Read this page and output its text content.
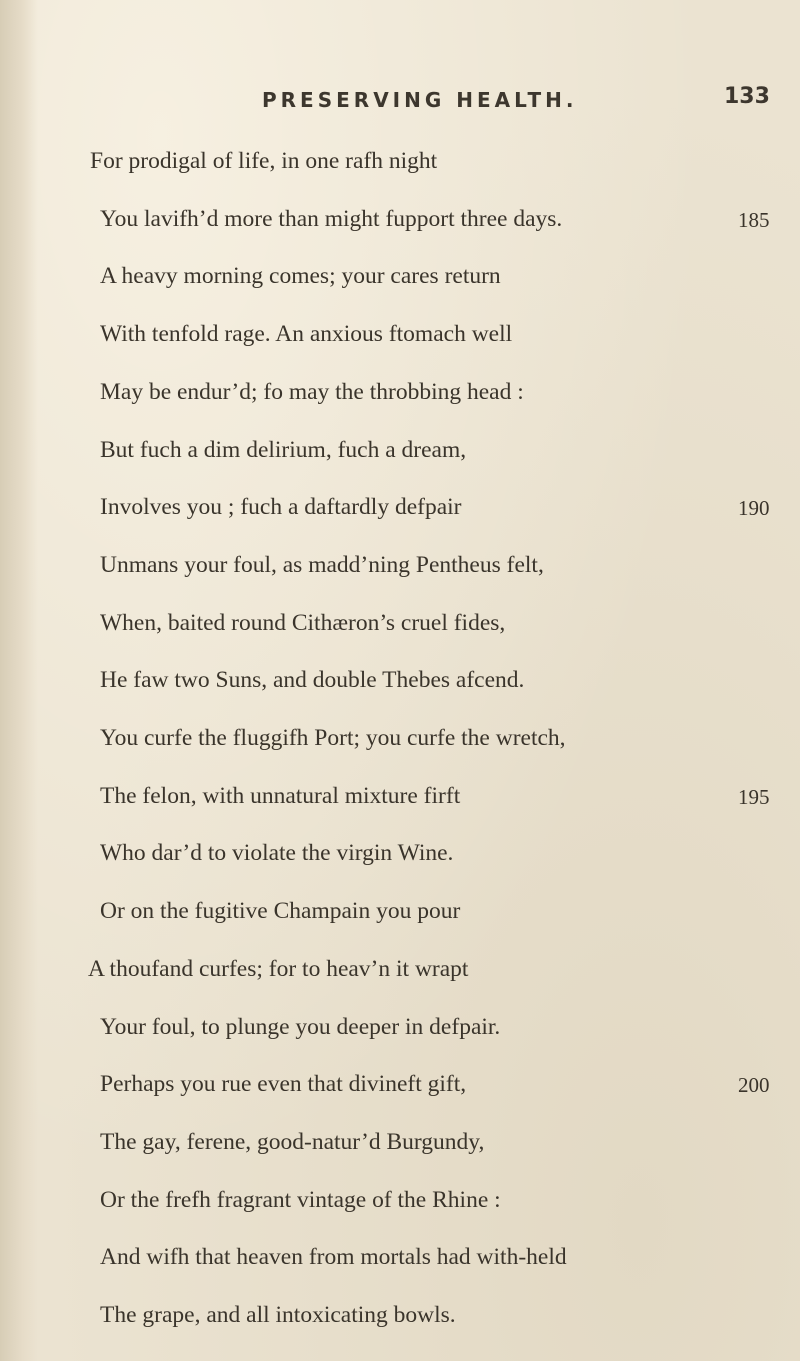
PRESERVING HEALTH.	133
For prodigal of life, in one rafh night
You lavifh’d more than might fupport three days.
A heavy morning comes; your cares return
With tenfold rage. An anxious ftomach well
May be endur’d; fo may the throbbing head :
But fuch a dim delirium, fuch a dream,
Involves you ; fuch a daftardly defpair
Unmans your foul, as madd’ning Pentheus felt,
When, baited round Cithæron’s cruel fides,
He faw two Suns, and double Thebes afcend.
You curfe the fluggifh Port; you curfe the wretch,
The felon, with unnatural mixture firft
Who dar’d to violate the virgin Wine.
Or on the fugitive Champain you pour
A thoufand curfes; for to heav’n it wrapt
Your foul, to plunge you deeper in defpair.
Perhaps you rue even that divineft gift,
The gay, ferene, good-natur’d Burgundy,
Or the frefh fragrant vintage of the Rhine :
And wifh that heaven from mortals had with-held
The grape, and all intoxicating bowls.
185
190
195
200
